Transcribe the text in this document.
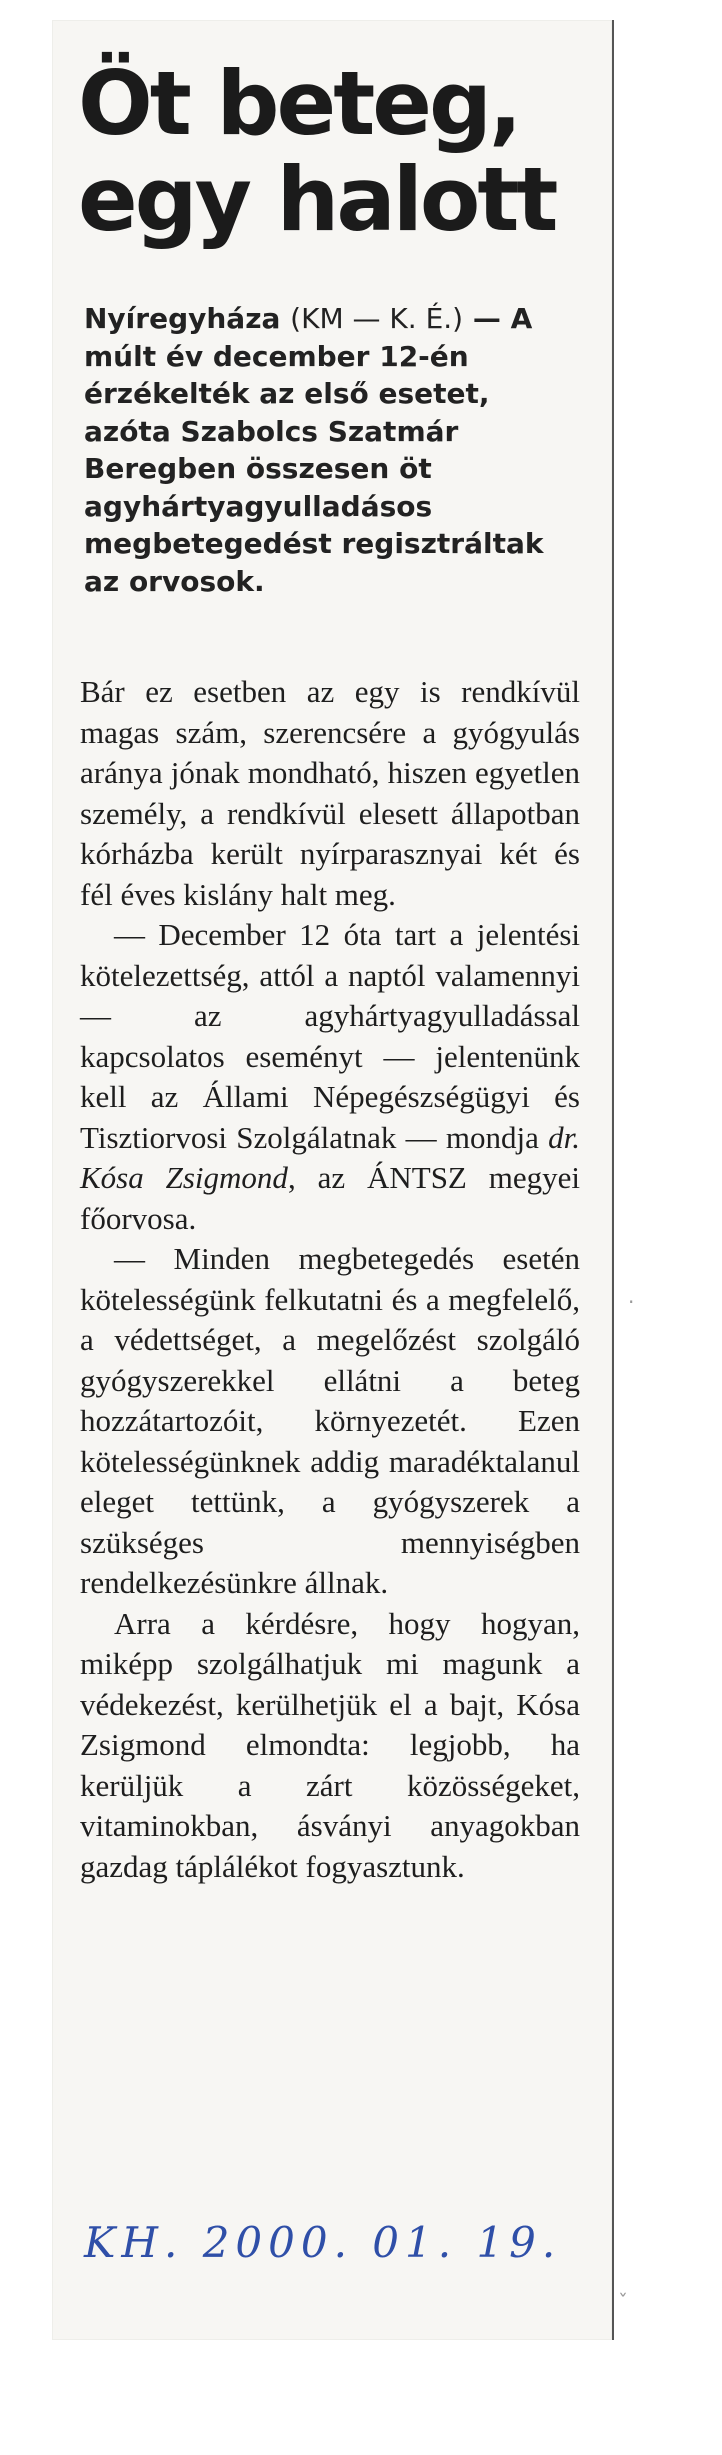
Öt beteg,
egy halott

Nyíregyháza (KM — K. É.) — A múlt év december 12-én érzékelték az első esetet, azóta Szabolcs Szatmár Beregben összesen öt agyhártyagyulladásos megbetegedést regisztráltak az orvosok.

Bár ez esetben az egy is rendkívül magas szám, szerencsére a gyógyulás aránya jónak mondható, hiszen egyetlen személy, a rendkívül elesett állapotban kórházba került nyírparasznyai két és fél éves kislány halt meg.

— December 12 óta tart a jelentési kötelezettség, attól a naptól valamennyi — az agyhártyagyulladással kapcsolatos eseményt — jelentenünk kell az Állami Népegészségügyi és Tisztiorvosi Szolgálatnak — mondja dr. Kósa Zsigmond, az ÁNTSZ megyei főorvosa.

— Minden megbetegedés esetén kötelességünk felkutatni és a megfelelő, a védettséget, a megelőzést szolgáló gyógyszerekkel ellátni a beteg hozzátartozóit, környezetét. Ezen kötelességünknek addig maradéktalanul eleget tettünk, a gyógyszerek a szükséges mennyiségben rendelkezésünkre állnak.

Arra a kérdésre, hogy hogyan, miképp szolgálhatjuk mi magunk a védekezést, kerülhetjük el a bajt, Kósa Zsigmond elmondta: legjobb, ha kerüljük a zárt közösségeket, vitaminokban, ásványi anyagokban gazdag táplálékot fogyasztunk.

KH. 2000. 01. 19.

·
ˇ
